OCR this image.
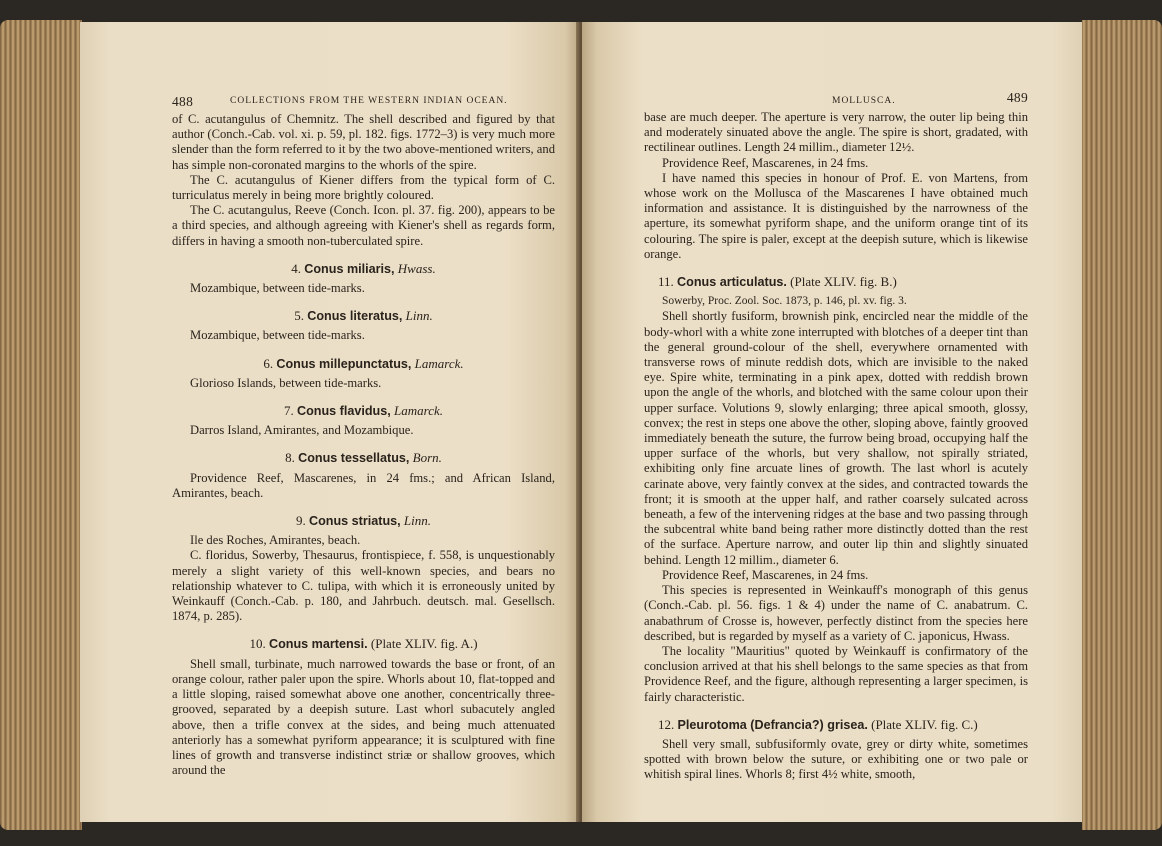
488	COLLECTIONS FROM THE WESTERN INDIAN OCEAN.

of C. acutangulus of Chemnitz. The shell described and figured by that author (Conch.-Cab. vol. xi. p. 59, pl. 182. figs. 1772–3) is very much more slender than the form referred to it by the two above-mentioned writers, and has simple non-coronated margins to the whorls of the spire.

The C. acutangulus of Kiener differs from the typical form of C. turriculatus merely in being more brightly coloured.

The C. acutangulus, Reeve (Conch. Icon. pl. 37. fig. 200), appears to be a third species, and although agreeing with Kiener's shell as regards form, differs in having a smooth non-tuberculated spire.

4. Conus miliaris, Hwass.

Mozambique, between tide-marks.

5. Conus literatus, Linn.

Mozambique, between tide-marks.

6. Conus millepunctatus, Lamarck.

Glorioso Islands, between tide-marks.

7. Conus flavidus, Lamarck.

Darros Island, Amirantes, and Mozambique.

8. Conus tessellatus, Born.

Providence Reef, Mascarenes, in 24 fms.; and African Island, Amirantes, beach.

9. Conus striatus, Linn.

Ile des Roches, Amirantes, beach.

C. floridus, Sowerby, Thesaurus, frontispiece, f. 558, is unquestionably merely a slight variety of this well-known species, and bears no relationship whatever to C. tulipa, with which it is erroneously united by Weinkauff (Conch.-Cab. p. 180, and Jahrbuch. deutsch. mal. Gesellsch. 1874, p. 285).

10. Conus martensi. (Plate XLIV. fig. A.)

Shell small, turbinate, much narrowed towards the base or front, of an orange colour, rather paler upon the spire. Whorls about 10, flat-topped and a little sloping, raised somewhat above one another, concentrically three-grooved, separated by a deepish suture. Last whorl subacutely angled above, then a trifle convex at the sides, and being much attenuated anteriorly has a somewhat pyriform appearance; it is sculptured with fine lines of growth and transverse indistinct striæ or shallow grooves, which around the

MOLLUSCA.	489

base are much deeper. The aperture is very narrow, the outer lip being thin and moderately sinuated above the angle. The spire is short, gradated, with rectilinear outlines. Length 24 millim., diameter 12½.

Providence Reef, Mascarenes, in 24 fms.

I have named this species in honour of Prof. E. von Martens, from whose work on the Mollusca of the Mascarenes I have obtained much information and assistance. It is distinguished by the narrowness of the aperture, its somewhat pyriform shape, and the uniform orange tint of its colouring. The spire is paler, except at the deepish suture, which is likewise orange.

11. Conus articulatus. (Plate XLIV. fig. B.)

Sowerby, Proc. Zool. Soc. 1873, p. 146, pl. xv. fig. 3.

Shell shortly fusiform, brownish pink, encircled near the middle of the body-whorl with a white zone interrupted with blotches of a deeper tint than the general ground-colour of the shell, everywhere ornamented with transverse rows of minute reddish dots, which are invisible to the naked eye. Spire white, terminating in a pink apex, dotted with reddish brown upon the angle of the whorls, and blotched with the same colour upon their upper surface. Volutions 9, slowly enlarging; three apical smooth, glossy, convex; the rest in steps one above the other, sloping above, faintly grooved immediately beneath the suture, the furrow being broad, occupying half the upper surface of the whorls, but very shallow, not spirally striated, exhibiting only fine arcuate lines of growth. The last whorl is acutely carinate above, very faintly convex at the sides, and contracted towards the front; it is smooth at the upper half, and rather coarsely sulcated across beneath, a few of the intervening ridges at the base and two passing through the subcentral white band being rather more distinctly dotted than the rest of the surface. Aperture narrow, and outer lip thin and slightly sinuated behind. Length 12 millim., diameter 6.

Providence Reef, Mascarenes, in 24 fms.

This species is represented in Weinkauff's monograph of this genus (Conch.-Cab. pl. 56. figs. 1 & 4) under the name of C. anabatrum. C. anabathrum of Crosse is, however, perfectly distinct from the species here described, but is regarded by myself as a variety of C. japonicus, Hwass.

The locality "Mauritius" quoted by Weinkauff is confirmatory of the conclusion arrived at that his shell belongs to the same species as that from Providence Reef, and the figure, although representing a larger specimen, is fairly characteristic.

12. Pleurotoma (Defrancia?) grisea. (Plate XLIV. fig. C.)

Shell very small, subfusiformly ovate, grey or dirty white, sometimes spotted with brown below the suture, or exhibiting one or two pale or whitish spiral lines. Whorls 8; first 4½ white, smooth,
